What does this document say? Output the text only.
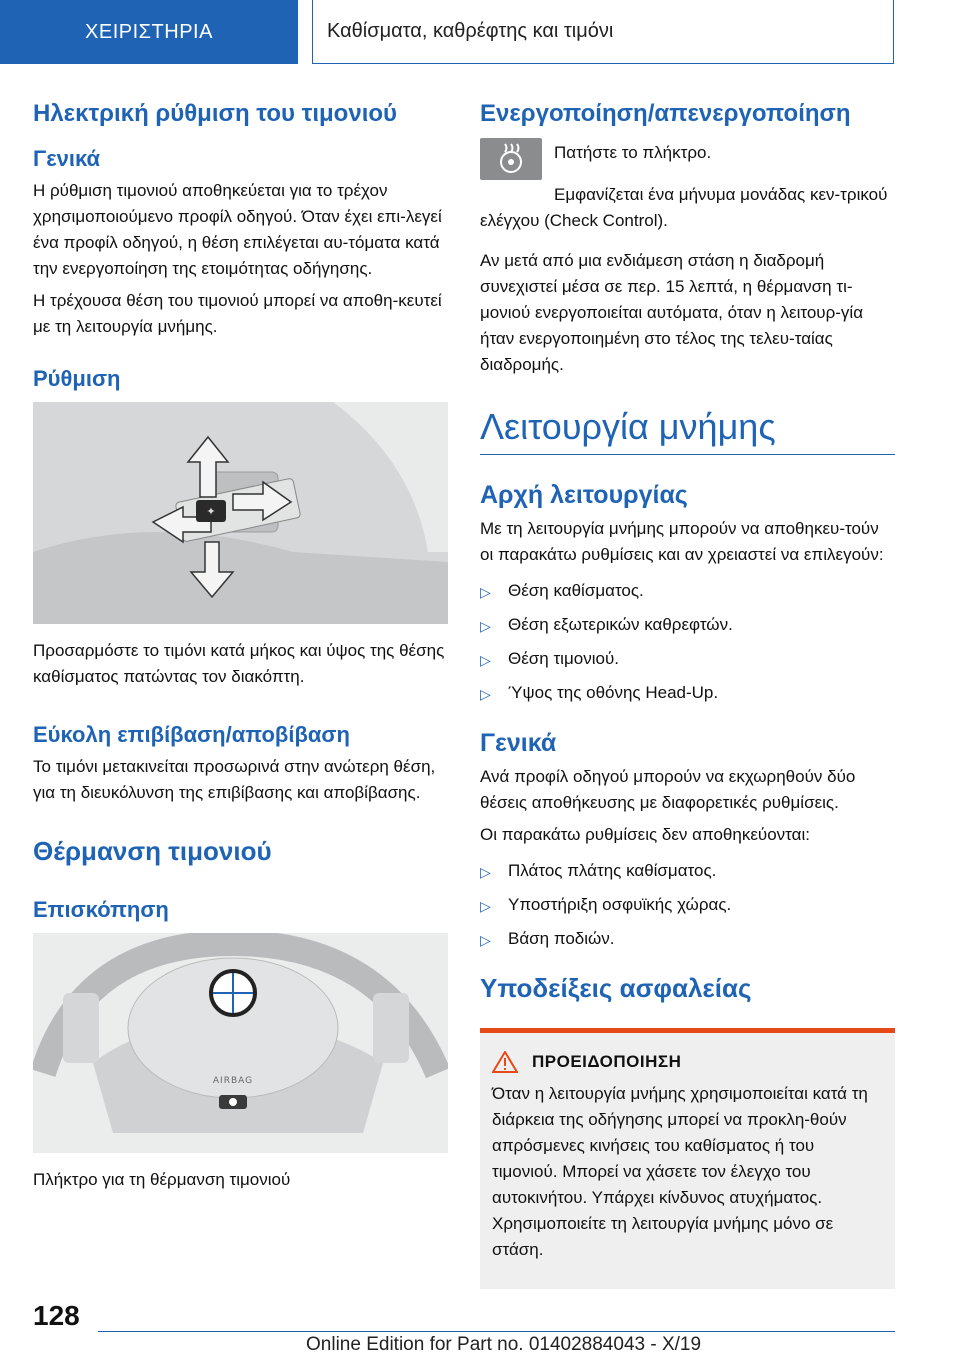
ΧΕΙΡΙΣΤΗΡΙΑ	Καθίσματα, καθρέφτης και τιμόνι
Ηλεκτρική ρύθμιση του τιμονιού
Γενικά

Η ρύθμιση τιμονιού αποθηκεύεται για το τρέχον χρησιμοποιούμενο προφίλ οδηγού. Όταν έχει επι-λεγεί ένα προφίλ οδηγού, η θέση επιλέγεται αυ-τόματα κατά την ενεργοποίηση της ετοιμότητας οδήγησης.

Η τρέχουσα θέση του τιμονιού μπορεί να αποθη-κευτεί με τη λειτουργία μνήμης.

Ρύθμιση
✦

Προσαρμόστε το τιμόνι κατά μήκος και ύψος της θέσης καθίσματος πατώντας τον διακόπτη.

Εύκολη επιβίβαση/αποβίβαση

Το τιμόνι μετακινείται προσωρινά στην ανώτερη θέση, για τη διευκόλυνση της επιβίβασης και αποβίβασης.

Θέρμανση τιμονιού
Επισκόπηση
AIRBAG

Πλήκτρο για τη θέρμανση τιμονιού

Ενεργοποίηση/απενεργοποίηση

Πατήστε το πλήκτρο.

Εμφανίζεται ένα μήνυμα μονάδας κεν-τρικού ελέγχου (Check Control).

Αν μετά από μια ενδιάμεση στάση η διαδρομή συνεχιστεί μέσα σε περ. 15 λεπτά, η θέρμανση τι-μονιού ενεργοποιείται αυτόματα, όταν η λειτουρ-γία ήταν ενεργοποιημένη στο τέλος της τελευ-ταίας διαδρομής.

Λειτουργία μνήμης
Αρχή λειτουργίας

Με τη λειτουργία μνήμης μπορούν να αποθηκευ-τούν οι παρακάτω ρυθμίσεις και αν χρειαστεί να επιλεγούν:

▷	Θέση καθίσματος.
▷	Θέση εξωτερικών καθρεφτών.
▷	Θέση τιμονιού.
▷	Ύψος της οθόνης Head-Up.
Γενικά

Ανά προφίλ οδηγού μπορούν να εκχωρηθούν δύο θέσεις αποθήκευσης με διαφορετικές ρυθμίσεις.

Οι παρακάτω ρυθμίσεις δεν αποθηκεύονται:

▷	Πλάτος πλάτης καθίσματος.
▷	Υποστήριξη οσφυϊκής χώρας.
▷	Βάση ποδιών.
Υποδείξεις ασφαλείας
ΠΡΟΕΙΔΟΠΟΙΗΣΗ

Όταν η λειτουργία μνήμης χρησιμοποιείται κατά τη διάρκεια της οδήγησης μπορεί να προκλη-θούν απρόσμενες κινήσεις του καθίσματος ή του τιμονιού. Μπορεί να χάσετε τον έλεγχο του αυτοκινήτου. Υπάρχει κίνδυνος ατυχήματος. Χρησιμοποιείτε τη λειτουργία μνήμης μόνο σε στάση.

128
Online Edition for Part no. 01402884043 - X/19
